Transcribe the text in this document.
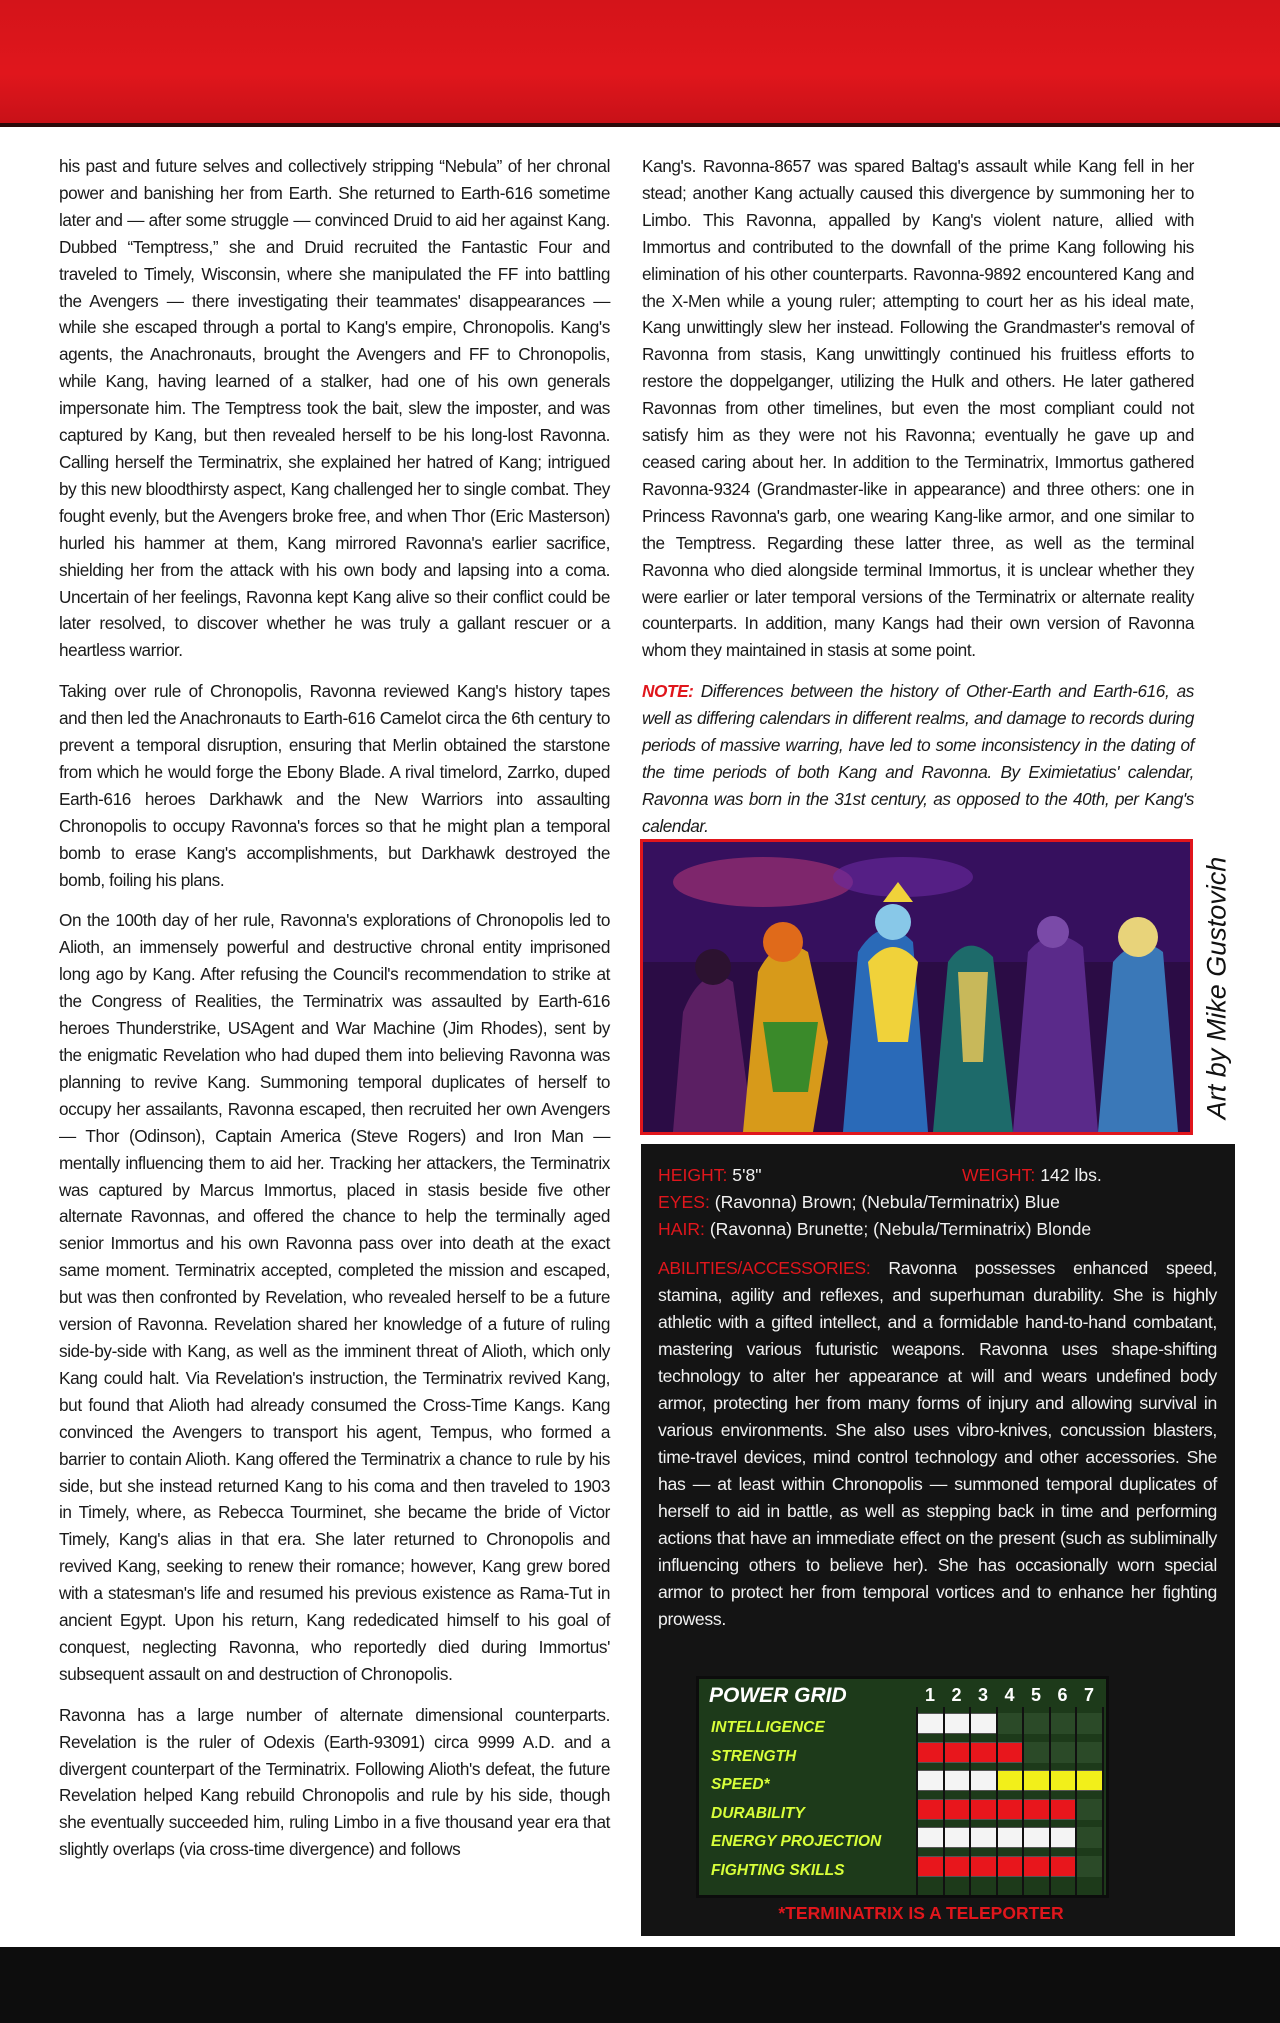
his past and future selves and collectively stripping “Nebula” of her chronal power and banishing her from Earth. She returned to Earth-616 sometime later and — after some struggle — convinced Druid to aid her against Kang. Dubbed “Temptress,” she and Druid recruited the Fantastic Four and traveled to Timely, Wisconsin, where she manipulated the FF into battling the Avengers — there investigating their teammates' disappearances — while she escaped through a portal to Kang's empire, Chronopolis. Kang's agents, the Anachronauts, brought the Avengers and FF to Chronopolis, while Kang, having learned of a stalker, had one of his own generals impersonate him. The Temptress took the bait, slew the imposter, and was captured by Kang, but then revealed herself to be his long-lost Ravonna. Calling herself the Terminatrix, she explained her hatred of Kang; intrigued by this new bloodthirsty aspect, Kang challenged her to single combat. They fought evenly, but the Avengers broke free, and when Thor (Eric Masterson) hurled his hammer at them, Kang mirrored Ravonna's earlier sacrifice, shielding her from the attack with his own body and lapsing into a coma. Uncertain of her feelings, Ravonna kept Kang alive so their conflict could be later resolved, to discover whether he was truly a gallant rescuer or a heartless warrior.

Taking over rule of Chronopolis, Ravonna reviewed Kang's history tapes and then led the Anachronauts to Earth-616 Camelot circa the 6th century to prevent a temporal disruption, ensuring that Merlin obtained the starstone from which he would forge the Ebony Blade. A rival timelord, Zarrko, duped Earth-616 heroes Darkhawk and the New Warriors into assaulting Chronopolis to occupy Ravonna's forces so that he might plan a temporal bomb to erase Kang's accomplishments, but Darkhawk destroyed the bomb, foiling his plans.

On the 100th day of her rule, Ravonna's explorations of Chronopolis led to Alioth, an immensely powerful and destructive chronal entity imprisoned long ago by Kang. After refusing the Council's recommendation to strike at the Congress of Realities, the Terminatrix was assaulted by Earth-616 heroes Thunderstrike, USAgent and War Machine (Jim Rhodes), sent by the enigmatic Revelation who had duped them into believing Ravonna was planning to revive Kang. Summoning temporal duplicates of herself to occupy her assailants, Ravonna escaped, then recruited her own Avengers — Thor (Odinson), Captain America (Steve Rogers) and Iron Man — mentally influencing them to aid her. Tracking her attackers, the Terminatrix was captured by Marcus Immortus, placed in stasis beside five other alternate Ravonnas, and offered the chance to help the terminally aged senior Immortus and his own Ravonna pass over into death at the exact same moment. Terminatrix accepted, completed the mission and escaped, but was then confronted by Revelation, who revealed herself to be a future version of Ravonna. Revelation shared her knowledge of a future of ruling side-by-side with Kang, as well as the imminent threat of Alioth, which only Kang could halt. Via Revelation's instruction, the Terminatrix revived Kang, but found that Alioth had already consumed the Cross-Time Kangs. Kang convinced the Avengers to transport his agent, Tempus, who formed a barrier to contain Alioth. Kang offered the Terminatrix a chance to rule by his side, but she instead returned Kang to his coma and then traveled to 1903 in Timely, where, as Rebecca Tourminet, she became the bride of Victor Timely, Kang's alias in that era. She later returned to Chronopolis and revived Kang, seeking to renew their romance; however, Kang grew bored with a statesman's life and resumed his previous existence as Rama-Tut in ancient Egypt. Upon his return, Kang rededicated himself to his goal of conquest, neglecting Ravonna, who reportedly died during Immortus' subsequent assault on and destruction of Chronopolis.

Ravonna has a large number of alternate dimensional counterparts. Revelation is the ruler of Odexis (Earth-93091) circa 9999 A.D. and a divergent counterpart of the Terminatrix. Following Alioth's defeat, the future Revelation helped Kang rebuild Chronopolis and rule by his side, though she eventually succeeded him, ruling Limbo in a five thousand year era that slightly overlaps (via cross-time divergence) and follows

Kang's. Ravonna-8657 was spared Baltag's assault while Kang fell in her stead; another Kang actually caused this divergence by summoning her to Limbo. This Ravonna, appalled by Kang's violent nature, allied with Immortus and contributed to the downfall of the prime Kang following his elimination of his other counterparts. Ravonna-9892 encountered Kang and the X-Men while a young ruler; attempting to court her as his ideal mate, Kang unwittingly slew her instead. Following the Grandmaster's removal of Ravonna from stasis, Kang unwittingly continued his fruitless efforts to restore the doppelganger, utilizing the Hulk and others. He later gathered Ravonnas from other timelines, but even the most compliant could not satisfy him as they were not his Ravonna; eventually he gave up and ceased caring about her. In addition to the Terminatrix, Immortus gathered Ravonna-9324 (Grandmaster-like in appearance) and three others: one in Princess Ravonna's garb, one wearing Kang-like armor, and one similar to the Temptress. Regarding these latter three, as well as the terminal Ravonna who died alongside terminal Immortus, it is unclear whether they were earlier or later temporal versions of the Terminatrix or alternate reality counterparts. In addition, many Kangs had their own version of Ravonna whom they maintained in stasis at some point.

NOTE: Differences between the history of Other-Earth and Earth-616, as well as differing calendars in different realms, and damage to records during periods of massive warring, have led to some inconsistency in the dating of the time periods of both Kang and Ravonna. By Eximietatius' calendar, Ravonna was born in the 31st century, as opposed to the 40th, per Kang's calendar.

Art by Mike Gustovich
HEIGHT: 5'8"	WEIGHT: 142 lbs.
EYES: (Ravonna) Brown; (Nebula/Terminatrix) Blue
HAIR: (Ravonna) Brunette; (Nebula/Terminatrix) Blonde
ABILITIES/ACCESSORIES: Ravonna possesses enhanced speed, stamina, agility and reflexes, and superhuman durability. She is highly athletic with a gifted intellect, and a formidable hand-to-hand combatant, mastering various futuristic weapons. Ravonna uses shape-shifting technology to alter her appearance at will and wears undefined body armor, protecting her from many forms of injury and allowing survival in various environments. She also uses vibro-knives, concussion blasters, time-travel devices, mind control technology and other accessories. She has — at least within Chronopolis — summoned temporal duplicates of herself to aid in battle, as well as stepping back in time and performing actions that have an immediate effect on the present (such as subliminally influencing others to believe her). She has occasionally worn special armor to protect her from temporal vortices and to enhance her fighting prowess.
POWER GRID	1 2 3 4 5 6 7
INTELLIGENCE
STRENGTH
SPEED*
DURABILITY
ENERGY PROJECTION
FIGHTING SKILLS
*TERMINATRIX IS A TELEPORTER
